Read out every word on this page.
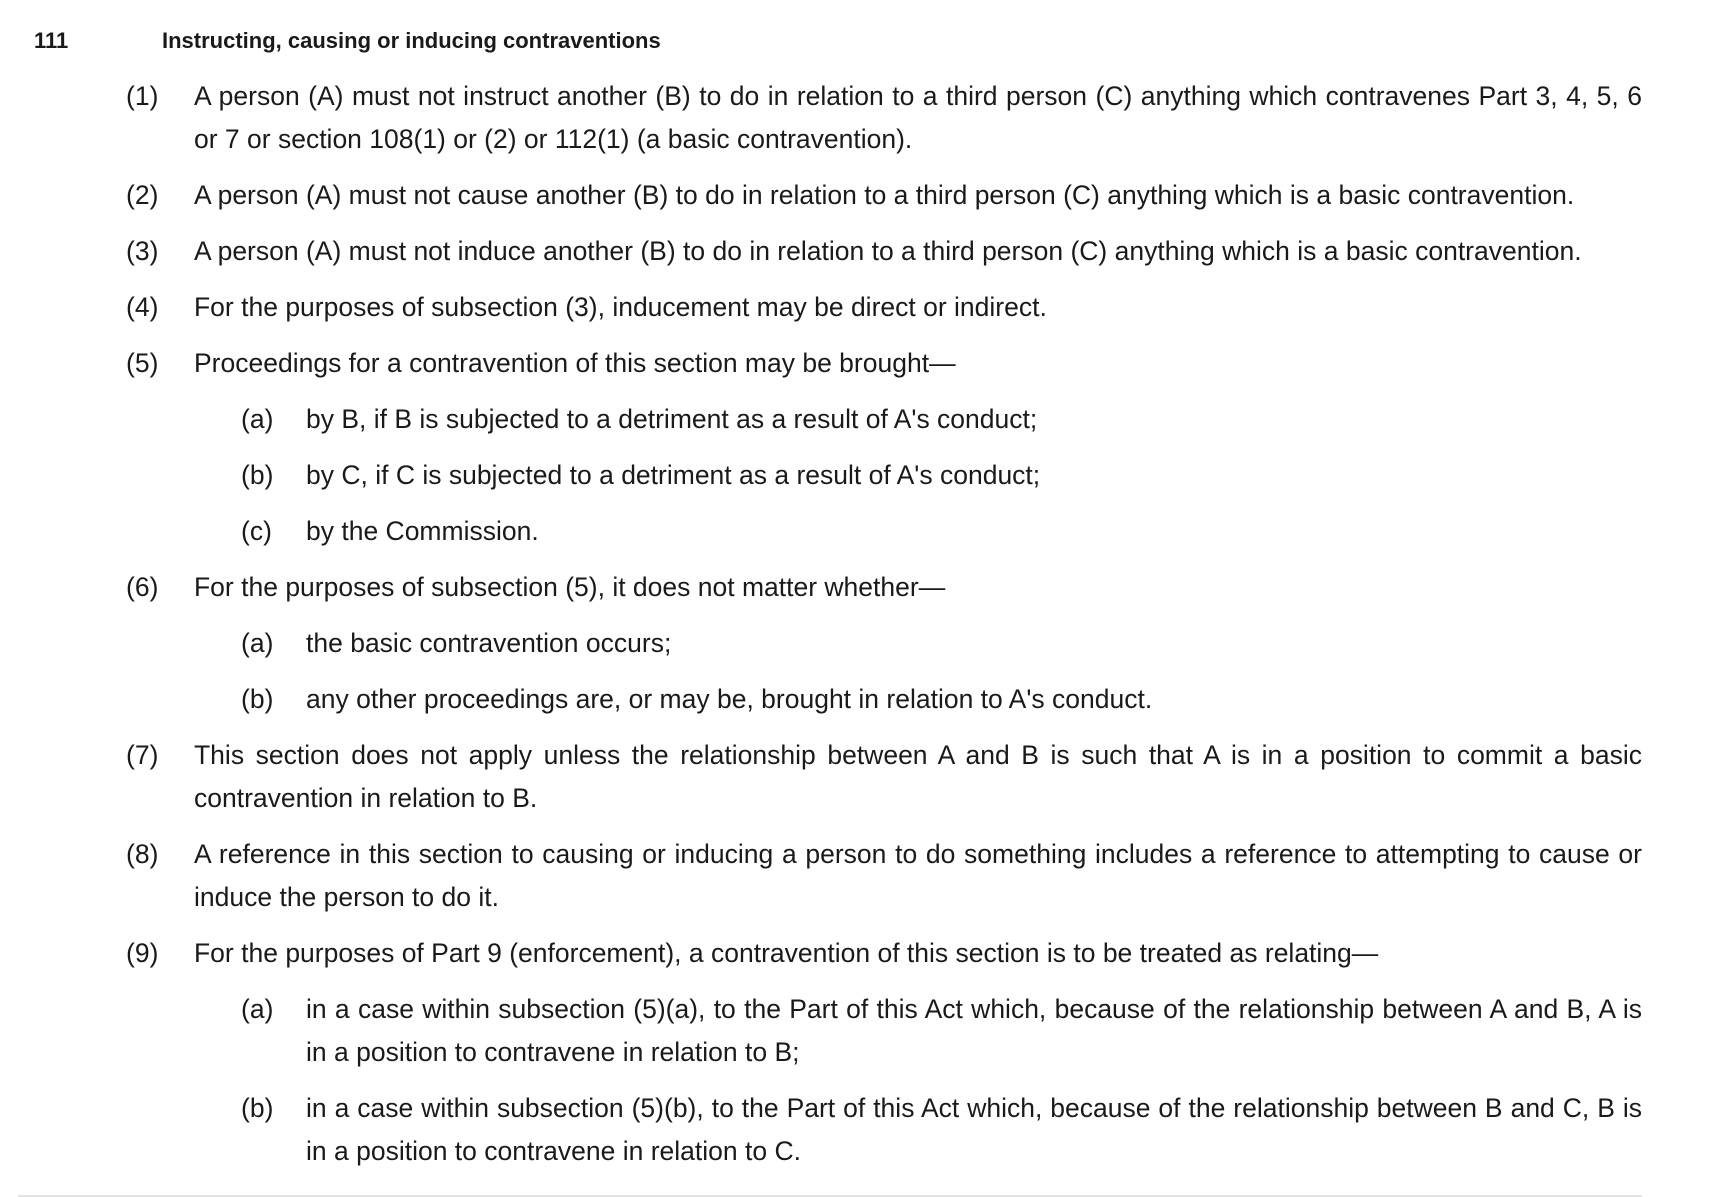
111	Instructing, causing or inducing contraventions
(1) A person (A) must not instruct another (B) to do in relation to a third person (C) anything which contravenes Part 3, 4, 5, 6 or 7 or section 108(1) or (2) or 112(1) (a basic contravention).
(2) A person (A) must not cause another (B) to do in relation to a third person (C) anything which is a basic contravention.
(3) A person (A) must not induce another (B) to do in relation to a third person (C) anything which is a basic contravention.
(4) For the purposes of subsection (3), inducement may be direct or indirect.
(5) Proceedings for a contravention of this section may be brought—
(a) by B, if B is subjected to a detriment as a result of A's conduct;
(b) by C, if C is subjected to a detriment as a result of A's conduct;
(c) by the Commission.
(6) For the purposes of subsection (5), it does not matter whether—
(a) the basic contravention occurs;
(b) any other proceedings are, or may be, brought in relation to A's conduct.
(7) This section does not apply unless the relationship between A and B is such that A is in a position to commit a basic contravention in relation to B.
(8) A reference in this section to causing or inducing a person to do something includes a reference to attempting to cause or induce the person to do it.
(9) For the purposes of Part 9 (enforcement), a contravention of this section is to be treated as relating—
(a) in a case within subsection (5)(a), to the Part of this Act which, because of the relationship between A and B, A is in a position to contravene in relation to B;
(b) in a case within subsection (5)(b), to the Part of this Act which, because of the relationship between B and C, B is in a position to contravene in relation to C.
